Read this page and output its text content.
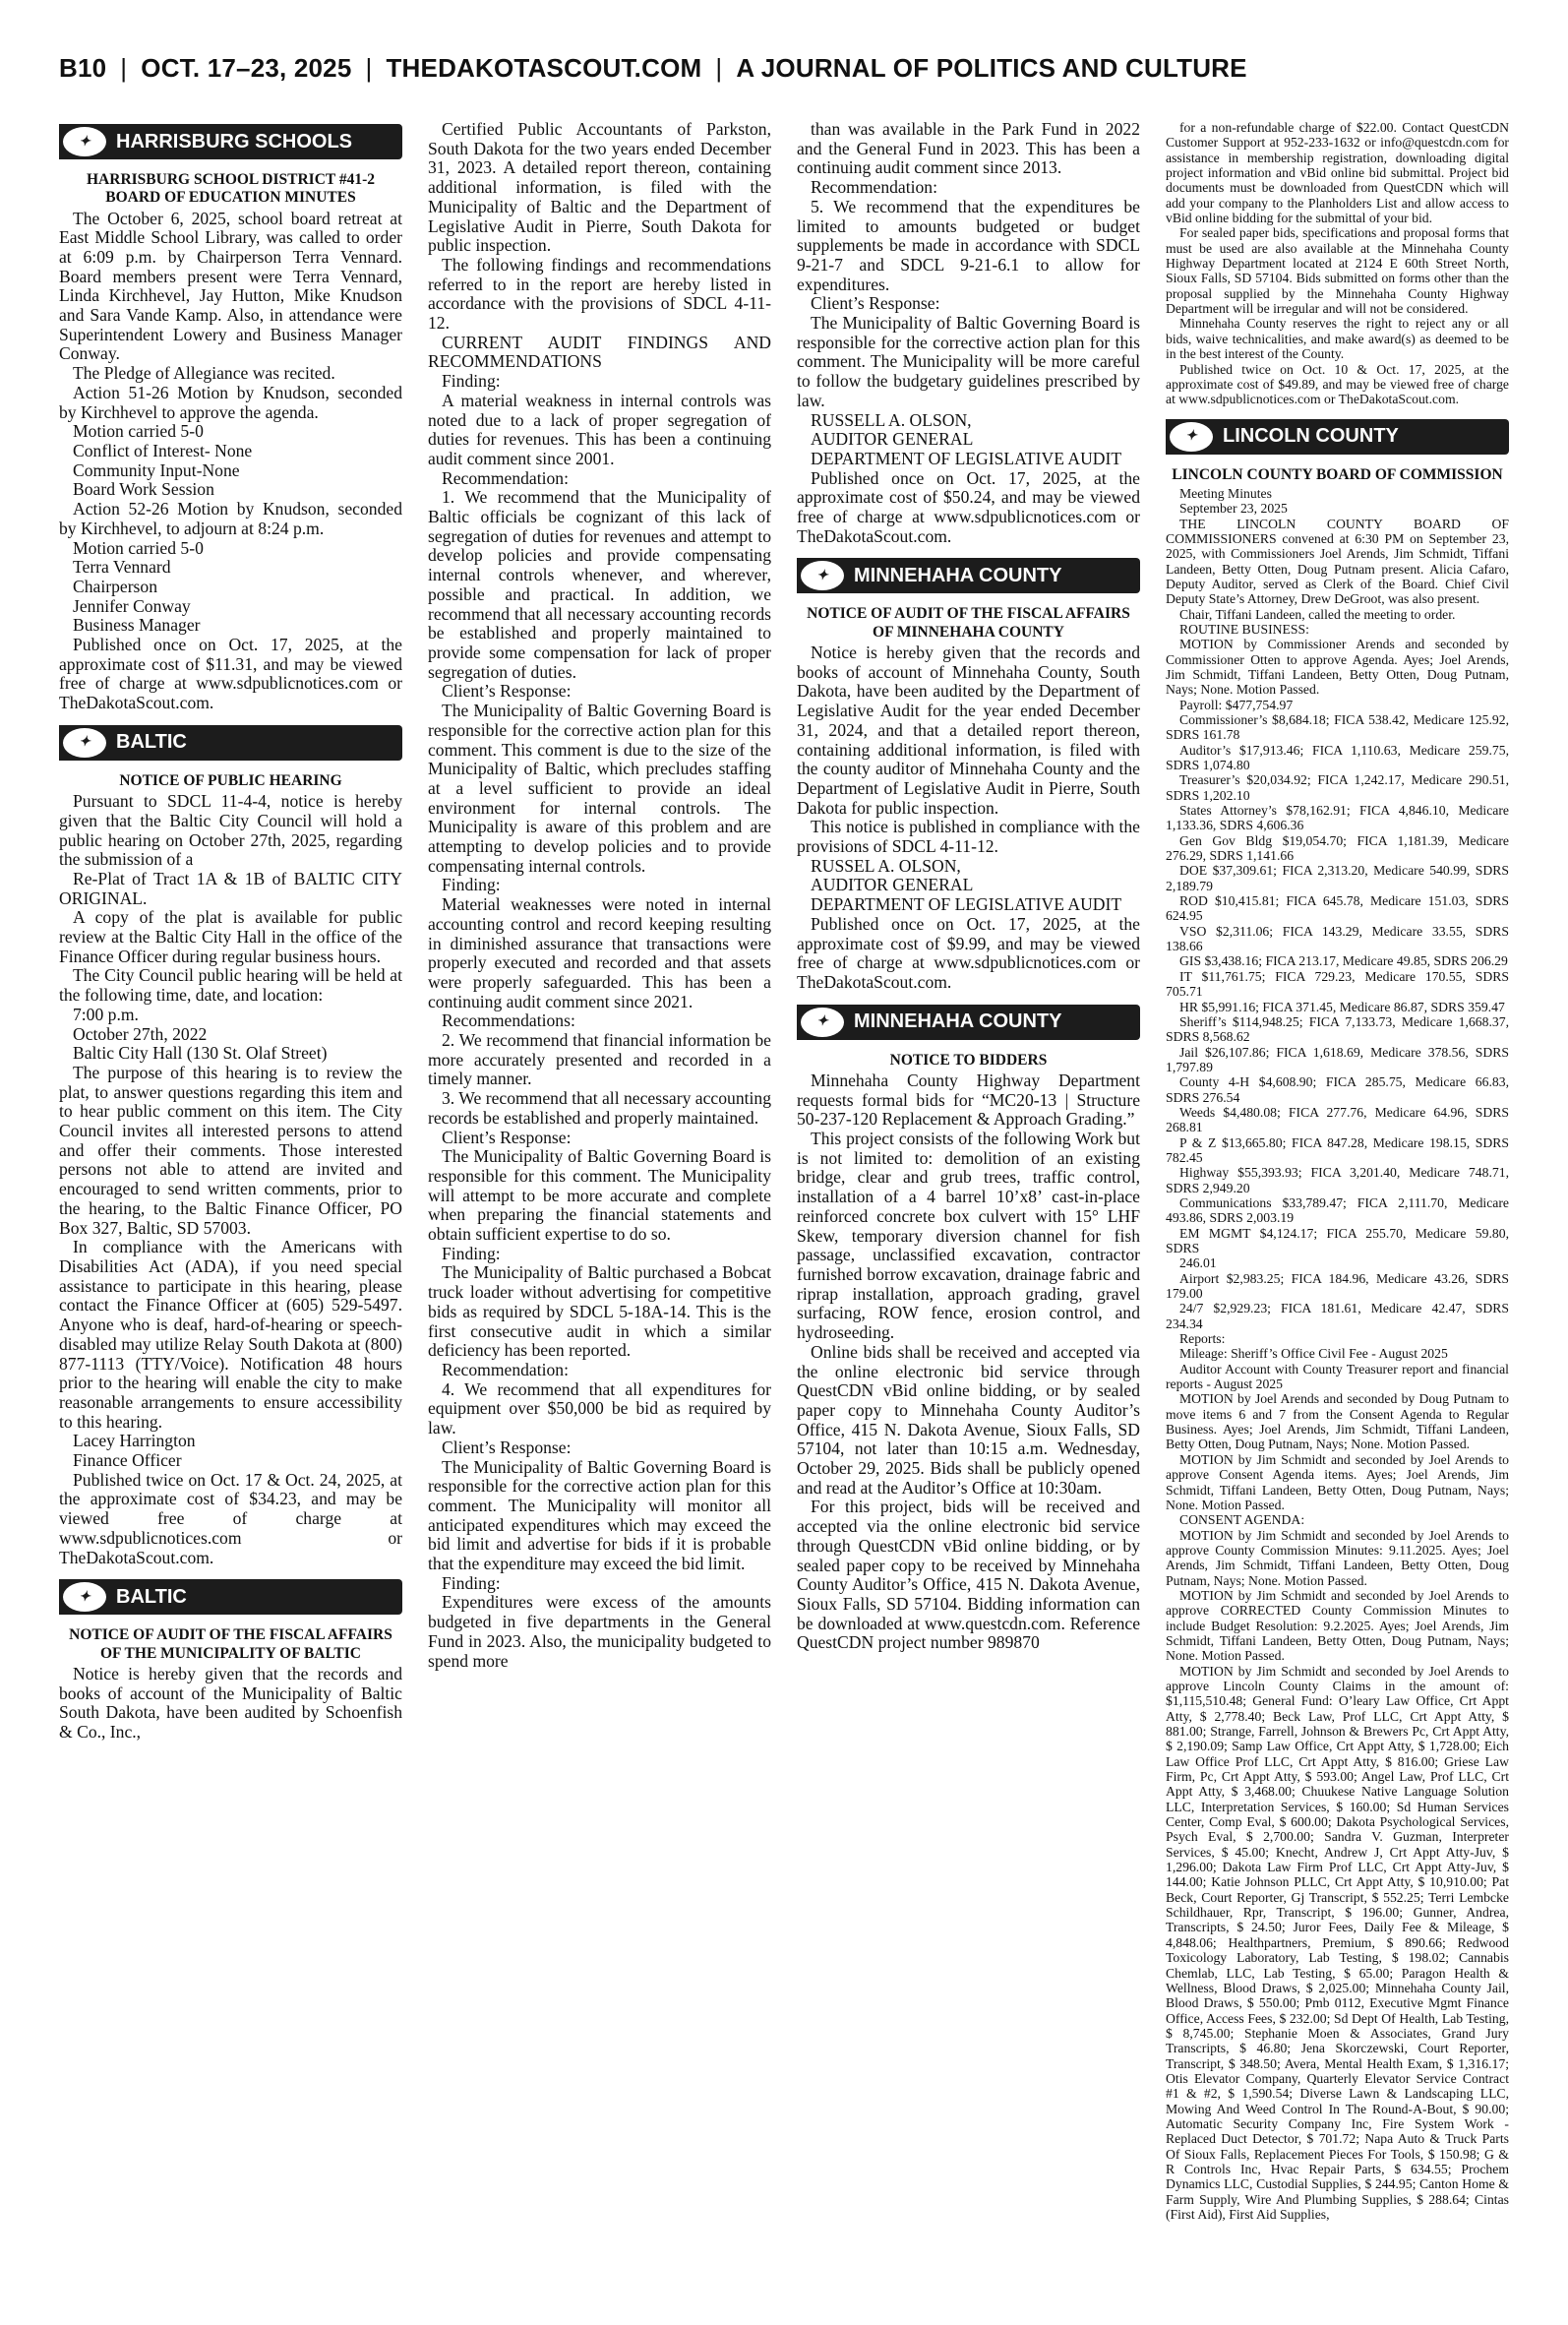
B10 | OCT. 17–23, 2025 | THEDAKOTASCOUT.COM | A JOURNAL OF POLITICS AND CULTURE
✦	HARRISBURG SCHOOLS
HARRISBURG SCHOOL DISTRICT #41-2 BOARD OF EDUCATION MINUTES

The October 6, 2025, school board retreat at East Middle School Library, was called to order at 6:09 p.m. by Chairperson Terra Vennard. Board members present were Terra Vennard, Linda Kirchhevel, Jay Hutton, Mike Knudson and Sara Vande Kamp. Also, in attendance were Superintendent Lowery and Business Manager Conway.

The Pledge of Allegiance was recited.

Action 51-26 Motion by Knudson, seconded by Kirchhevel to approve the agenda.

Motion carried 5-0

Conflict of Interest- None

Community Input-None

Board Work Session

Action 52-26 Motion by Knudson, seconded by Kirchhevel, to adjourn at 8:24 p.m.

Motion carried 5-0

Terra Vennard

Chairperson

Jennifer Conway

Business Manager

Published once on Oct. 17, 2025, at the approximate cost of $11.31, and may be viewed free of charge at www.sdpublicnotices.com or TheDakotaScout.com.

✦	BALTIC
NOTICE OF PUBLIC HEARING

Pursuant to SDCL 11-4-4, notice is hereby given that the Baltic City Council will hold a public hearing on October 27th, 2025, regarding the submission of a

Re-Plat of Tract 1A & 1B of BALTIC CITY ORIGINAL.

A copy of the plat is available for public review at the Baltic City Hall in the office of the Finance Officer during regular business hours.

The City Council public hearing will be held at the following time, date, and location:

7:00 p.m.

October 27th, 2022

Baltic City Hall (130 St. Olaf Street)

The purpose of this hearing is to review the plat, to answer questions regarding this item and to hear public comment on this item. The City Council invites all interested persons to attend and offer their comments. Those interested persons not able to attend are invited and encouraged to send written comments, prior to the hearing, to the Baltic Finance Officer, PO Box 327, Baltic, SD 57003.

In compliance with the Americans with Disabilities Act (ADA), if you need special assistance to participate in this hearing, please contact the Finance Officer at (605) 529-5497. Anyone who is deaf, hard-of-hearing or speech-disabled may utilize Relay South Dakota at (800) 877-1113 (TTY/Voice). Notification 48 hours prior to the hearing will enable the city to make reasonable arrangements to ensure accessibility to this hearing.

Lacey Harrington

Finance Officer

Published twice on Oct. 17 & Oct. 24, 2025, at the approximate cost of $34.23, and may be viewed free of charge at www.sdpublicnotices.com or TheDakotaScout.com.

✦	BALTIC
NOTICE OF AUDIT OF THE FISCAL AFFAIRS OF THE MUNICIPALITY OF BALTIC

Notice is hereby given that the records and books of account of the Municipality of Baltic South Dakota, have been audited by Schoenfish & Co., Inc.,

Certified Public Accountants of Parkston, South Dakota for the two years ended December 31, 2023. A detailed report thereon, containing additional information, is filed with the Municipality of Baltic and the Department of Legislative Audit in Pierre, South Dakota for public inspection.

The following findings and recommendations referred to in the report are hereby listed in accordance with the provisions of SDCL 4-11-12.

CURRENT AUDIT FINDINGS AND RECOMMENDATIONS

Finding:

A material weakness in internal controls was noted due to a lack of proper segregation of duties for revenues. This has been a continuing audit comment since 2001.

Recommendation:

1. We recommend that the Municipality of Baltic officials be cognizant of this lack of segregation of duties for revenues and attempt to develop policies and provide compensating internal controls whenever, and wherever, possible and practical. In addition, we recommend that all necessary accounting records be established and properly maintained to provide some compensation for lack of proper segregation of duties.

Client’s Response:

The Municipality of Baltic Governing Board is responsible for the corrective action plan for this comment. This comment is due to the size of the Municipality of Baltic, which precludes staffing at a level sufficient to provide an ideal environment for internal controls. The Municipality is aware of this problem and are attempting to develop policies and to provide compensating internal controls.

Finding:

Material weaknesses were noted in internal accounting control and record keeping resulting in diminished assurance that transactions were properly executed and recorded and that assets were properly safeguarded. This has been a continuing audit comment since 2021.

Recommendations:

2. We recommend that financial information be more accurately presented and recorded in a timely manner.

3. We recommend that all necessary accounting records be established and properly maintained.

Client’s Response:

The Municipality of Baltic Governing Board is responsible for this comment. The Municipality will attempt to be more accurate and complete when preparing the financial statements and obtain sufficient expertise to do so.

Finding:

The Municipality of Baltic purchased a Bobcat truck loader without advertising for competitive bids as required by SDCL 5-18A-14. This is the first consecutive audit in which a similar deficiency has been reported.

Recommendation:

4. We recommend that all expenditures for equipment over $50,000 be bid as required by law.

Client’s Response:

The Municipality of Baltic Governing Board is responsible for the corrective action plan for this comment. The Municipality will monitor all anticipated expenditures which may exceed the bid limit and advertise for bids if it is probable that the expenditure may exceed the bid limit.

Finding:

Expenditures were excess of the amounts budgeted in five departments in the General Fund in 2023. Also, the municipality budgeted to spend more

than was available in the Park Fund in 2022 and the General Fund in 2023. This has been a continuing audit comment since 2013.

Recommendation:

5. We recommend that the expenditures be limited to amounts budgeted or budget supplements be made in accordance with SDCL 9-21-7 and SDCL 9-21-6.1 to allow for expenditures.

Client’s Response:

The Municipality of Baltic Governing Board is responsible for the corrective action plan for this comment. The Municipality will be more careful to follow the budgetary guidelines prescribed by law.

RUSSELL A. OLSON,

AUDITOR GENERAL

DEPARTMENT OF LEGISLATIVE AUDIT

Published once on Oct. 17, 2025, at the approximate cost of $50.24, and may be viewed free of charge at www.sdpublicnotices.com or TheDakotaScout.com.

✦	MINNEHAHA COUNTY
NOTICE OF AUDIT OF THE FISCAL AFFAIRS OF MINNEHAHA COUNTY

Notice is hereby given that the records and books of account of Minnehaha County, South Dakota, have been audited by the Department of Legislative Audit for the year ended December 31, 2024, and that a detailed report thereon, containing additional information, is filed with the county auditor of Minnehaha County and the Department of Legislative Audit in Pierre, South Dakota for public inspection.

This notice is published in compliance with the provisions of SDCL 4-11-12.

RUSSEL A. OLSON,

AUDITOR GENERAL

DEPARTMENT OF LEGISLATIVE AUDIT

Published once on Oct. 17, 2025, at the approximate cost of $9.99, and may be viewed free of charge at www.sdpublicnotices.com or TheDakotaScout.com.

✦	MINNEHAHA COUNTY
NOTICE TO BIDDERS

Minnehaha County Highway Department requests formal bids for “MC20-13 | Structure 50-237-120 Replacement & Approach Grading.”

This project consists of the following Work but is not limited to: demolition of an existing bridge, clear and grub trees, traffic control, installation of a 4 barrel 10’x8’ cast-in-place reinforced concrete box culvert with 15° LHF Skew, temporary diversion channel for fish passage, unclassified excavation, contractor furnished borrow excavation, drainage fabric and riprap installation, approach grading, gravel surfacing, ROW fence, erosion control, and hydroseeding.

Online bids shall be received and accepted via the online electronic bid service through QuestCDN vBid online bidding, or by sealed paper copy to Minnehaha County Auditor’s Office, 415 N. Dakota Avenue, Sioux Falls, SD 57104, not later than 10:15 a.m. Wednesday, October 29, 2025. Bids shall be publicly opened and read at the Auditor’s Office at 10:30am.

For this project, bids will be received and accepted via the online electronic bid service through QuestCDN vBid online bidding, or by sealed paper copy to be received by Minnehaha County Auditor’s Office, 415 N. Dakota Avenue, Sioux Falls, SD 57104. Bidding information can be downloaded at www.questcdn.com. Reference QuestCDN project number 989870

for a non-refundable charge of $22.00. Contact QuestCDN Customer Support at 952-233-1632 or info@questcdn.com for assistance in membership registration, downloading digital project information and vBid online bid submittal. Project bid documents must be downloaded from QuestCDN which will add your company to the Planholders List and allow access to vBid online bidding for the submittal of your bid.

For sealed paper bids, specifications and proposal forms that must be used are also available at the Minnehaha County Highway Department located at 2124 E 60th Street North, Sioux Falls, SD 57104. Bids submitted on forms other than the proposal supplied by the Minnehaha County Highway Department will be irregular and will not be considered.

Minnehaha County reserves the right to reject any or all bids, waive technicalities, and make award(s) as deemed to be in the best interest of the County.

Published twice on Oct. 10 & Oct. 17, 2025, at the approximate cost of $49.89, and may be viewed free of charge at www.sdpublicnotices.com or TheDakotaScout.com.

✦	LINCOLN COUNTY
LINCOLN COUNTY BOARD OF COMMISSION

Meeting Minutes

September 23, 2025

THE LINCOLN COUNTY BOARD OF COMMISSIONERS convened at 6:30 PM on September 23, 2025, with Commissioners Joel Arends, Jim Schmidt, Tiffani Landeen, Betty Otten, Doug Putnam present. Alicia Cafaro, Deputy Auditor, served as Clerk of the Board. Chief Civil Deputy State’s Attorney, Drew DeGroot, was also present.

Chair, Tiffani Landeen, called the meeting to order.

ROUTINE BUSINESS:

MOTION by Commissioner Arends and seconded by Commissioner Otten to approve Agenda. Ayes; Joel Arends, Jim Schmidt, Tiffani Landeen, Betty Otten, Doug Putnam, Nays; None. Motion Passed.

Payroll: $477,754.97

Commissioner’s $8,684.18; FICA 538.42, Medicare 125.92, SDRS 161.78

Auditor’s $17,913.46; FICA 1,110.63, Medicare 259.75, SDRS 1,074.80

Treasurer’s $20,034.92; FICA 1,242.17, Medicare 290.51, SDRS 1,202.10

States Attorney’s $78,162.91; FICA 4,846.10, Medicare 1,133.36, SDRS 4,606.36

Gen Gov Bldg $19,054.70; FICA 1,181.39, Medicare 276.29, SDRS 1,141.66

DOE $37,309.61; FICA 2,313.20, Medicare 540.99, SDRS 2,189.79

ROD $10,415.81; FICA 645.78, Medicare 151.03, SDRS 624.95

VSO $2,311.06; FICA 143.29, Medicare 33.55, SDRS 138.66

GIS $3,438.16; FICA 213.17, Medicare 49.85, SDRS 206.29

IT $11,761.75; FICA 729.23, Medicare 170.55, SDRS 705.71

HR $5,991.16; FICA 371.45, Medicare 86.87, SDRS 359.47

Sheriff’s $114,948.25; FICA 7,133.73, Medicare 1,668.37, SDRS 8,568.62

Jail $26,107.86; FICA 1,618.69, Medicare 378.56, SDRS 1,797.89

County 4-H $4,608.90; FICA 285.75, Medicare 66.83, SDRS 276.54

Weeds $4,480.08; FICA 277.76, Medicare 64.96, SDRS 268.81

P & Z $13,665.80; FICA 847.28, Medicare 198.15, SDRS 782.45

Highway $55,393.93; FICA 3,201.40, Medicare 748.71, SDRS 2,949.20

Communications $33,789.47; FICA 2,111.70, Medicare 493.86, SDRS 2,003.19

EM MGMT $4,124.17; FICA 255.70, Medicare 59.80, SDRS

246.01

Airport $2,983.25; FICA 184.96, Medicare 43.26, SDRS 179.00

24/7 $2,929.23; FICA 181.61, Medicare 42.47, SDRS 234.34

Reports:

Mileage: Sheriff’s Office Civil Fee - August 2025

Auditor Account with County Treasurer report and financial reports - August 2025

MOTION by Joel Arends and seconded by Doug Putnam to move items 6 and 7 from the Consent Agenda to Regular Business. Ayes; Joel Arends, Jim Schmidt, Tiffani Landeen, Betty Otten, Doug Putnam, Nays; None. Motion Passed.

MOTION by Jim Schmidt and seconded by Joel Arends to approve Consent Agenda items. Ayes; Joel Arends, Jim Schmidt, Tiffani Landeen, Betty Otten, Doug Putnam, Nays; None. Motion Passed.

CONSENT AGENDA:

MOTION by Jim Schmidt and seconded by Joel Arends to approve County Commission Minutes: 9.11.2025. Ayes; Joel Arends, Jim Schmidt, Tiffani Landeen, Betty Otten, Doug Putnam, Nays; None. Motion Passed.

MOTION by Jim Schmidt and seconded by Joel Arends to approve CORRECTED County Commission Minutes to include Budget Resolution: 9.2.2025. Ayes; Joel Arends, Jim Schmidt, Tiffani Landeen, Betty Otten, Doug Putnam, Nays; None. Motion Passed.

MOTION by Jim Schmidt and seconded by Joel Arends to approve Lincoln County Claims in the amount of: $1,115,510.48; General Fund: O’leary Law Office, Crt Appt Atty, $ 2,778.40; Beck Law, Prof LLC, Crt Appt Atty, $ 881.00; Strange, Farrell, Johnson & Brewers Pc, Crt Appt Atty, $ 2,190.09; Samp Law Office, Crt Appt Atty, $ 1,728.00; Eich Law Office Prof LLC, Crt Appt Atty, $ 816.00; Griese Law Firm, Pc, Crt Appt Atty, $ 593.00; Angel Law, Prof LLC, Crt Appt Atty, $ 3,468.00; Chuukese Native Language Solution LLC, Interpretation Services, $ 160.00; Sd Human Services Center, Comp Eval, $ 600.00; Dakota Psychological Services, Psych Eval, $ 2,700.00; Sandra V. Guzman, Interpreter Services, $ 45.00; Knecht, Andrew J, Crt Appt Atty-Juv, $ 1,296.00; Dakota Law Firm Prof LLC, Crt Appt Atty-Juv, $ 144.00; Katie Johnson PLLC, Crt Appt Atty, $ 10,910.00; Pat Beck, Court Reporter, Gj Transcript, $ 552.25; Terri Lembcke Schildhauer, Rpr, Transcript, $ 196.00; Gunner, Andrea, Transcripts, $ 24.50; Juror Fees, Daily Fee & Mileage, $ 4,848.06; Healthpartners, Premium, $ 890.66; Redwood Toxicology Laboratory, Lab Testing, $ 198.02; Cannabis Chemlab, LLC, Lab Testing, $ 65.00; Paragon Health & Wellness, Blood Draws, $ 2,025.00; Minnehaha County Jail, Blood Draws, $ 550.00; Pmb 0112, Executive Mgmt Finance Office, Access Fees, $ 232.00; Sd Dept Of Health, Lab Testing, $ 8,745.00; Stephanie Moen & Associates, Grand Jury Transcripts, $ 46.80; Jena Skorczewski, Court Reporter, Transcript, $ 348.50; Avera, Mental Health Exam, $ 1,316.17; Otis Elevator Company, Quarterly Elevator Service Contract #1 & #2, $ 1,590.54; Diverse Lawn & Landscaping LLC, Mowing And Weed Control In The Round-A-Bout, $ 90.00; Automatic Security Company Inc, Fire System Work - Replaced Duct Detector, $ 701.72; Napa Auto & Truck Parts Of Sioux Falls, Replacement Pieces For Tools, $ 150.98; G & R Controls Inc, Hvac Repair Parts, $ 634.55; Prochem Dynamics LLC, Custodial Supplies, $ 244.95; Canton Home & Farm Supply, Wire And Plumbing Supplies, $ 288.64; Cintas (First Aid), First Aid Supplies,
